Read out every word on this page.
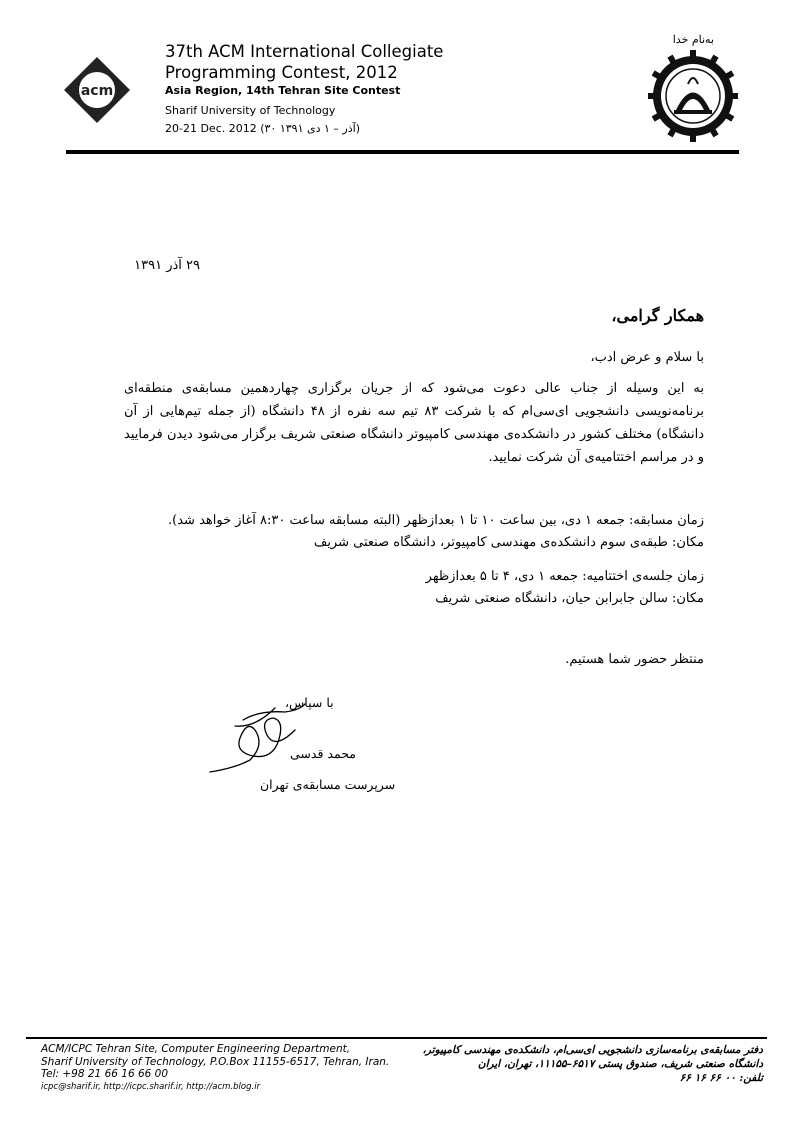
acm
37th ACM International Collegiate
Programming Contest, 2012
Asia Region, 14th Tehran Site Contest
Sharif University of Technology
20-21 Dec. 2012 (۳۰ آذر – ۱ دی ۱۳۹۱)
به‌نام خدا
۲۹ آذر ۱۳۹۱
همکار گرامی،
با سلام و عرض ادب،
به این وسیله از جناب عالی دعوت می‌شود که از جریان برگزاری چهاردهمین مسابقه‌ی منطقه‌ای برنامه‌نویسی دانشجویی ای‌سی‌ام که با شرکت ۸۳ تیم سه نفره از ۴۸ دانشگاه (از جمله تیم‌هایی از آن دانشگاه) مختلف کشور در دانشکده‌ی مهندسی کامپیوتر دانشگاه صنعتی شریف برگزار می‌شود دیدن فرمایید و در مراسم اختتامیه‌ی آن شرکت نمایید.
زمان مسابقه: جمعه ۱ دی، بین ساعت ۱۰ تا ۱ بعدازظهر (البته مسابقه ساعت ۸:۳۰ آغاز خواهد شد).
مکان: طبقه‌ی سوم دانشکده‌ی مهندسی کامپیوتر، دانشگاه صنعتی شریف
زمان جلسه‌ی اختتامیه: جمعه ۱ دی، ۴ تا ۵ بعدازظهر
مکان: سالن جابرابن حیان، دانشگاه صنعتی شریف
منتظر حضور شما هستیم.
با سپاس،
محمد قدسی
سرپرست مسابقه‌ی تهران
ACM/ICPC Tehran Site, Computer Engineering Department,
Sharif University of Technology, P.O.Box 11155-6517, Tehran, Iran.
Tel: +98 21 66 16 66 00
icpc@sharif.ir, http://icpc.sharif.ir, http://acm.blog.ir
دفتر مسابقه‌ی برنامه‌سازی دانشجویی ای‌سی‌ام، دانشکده‌ی مهندسی کامپیوتر،
دانشگاه صنعتی شریف، صندوق پستی ۶۵۱۷–۱۱۱۵۵، تهران، ایران
تلفن: ۰۰ ۶۶ ۱۶ ۶۶
